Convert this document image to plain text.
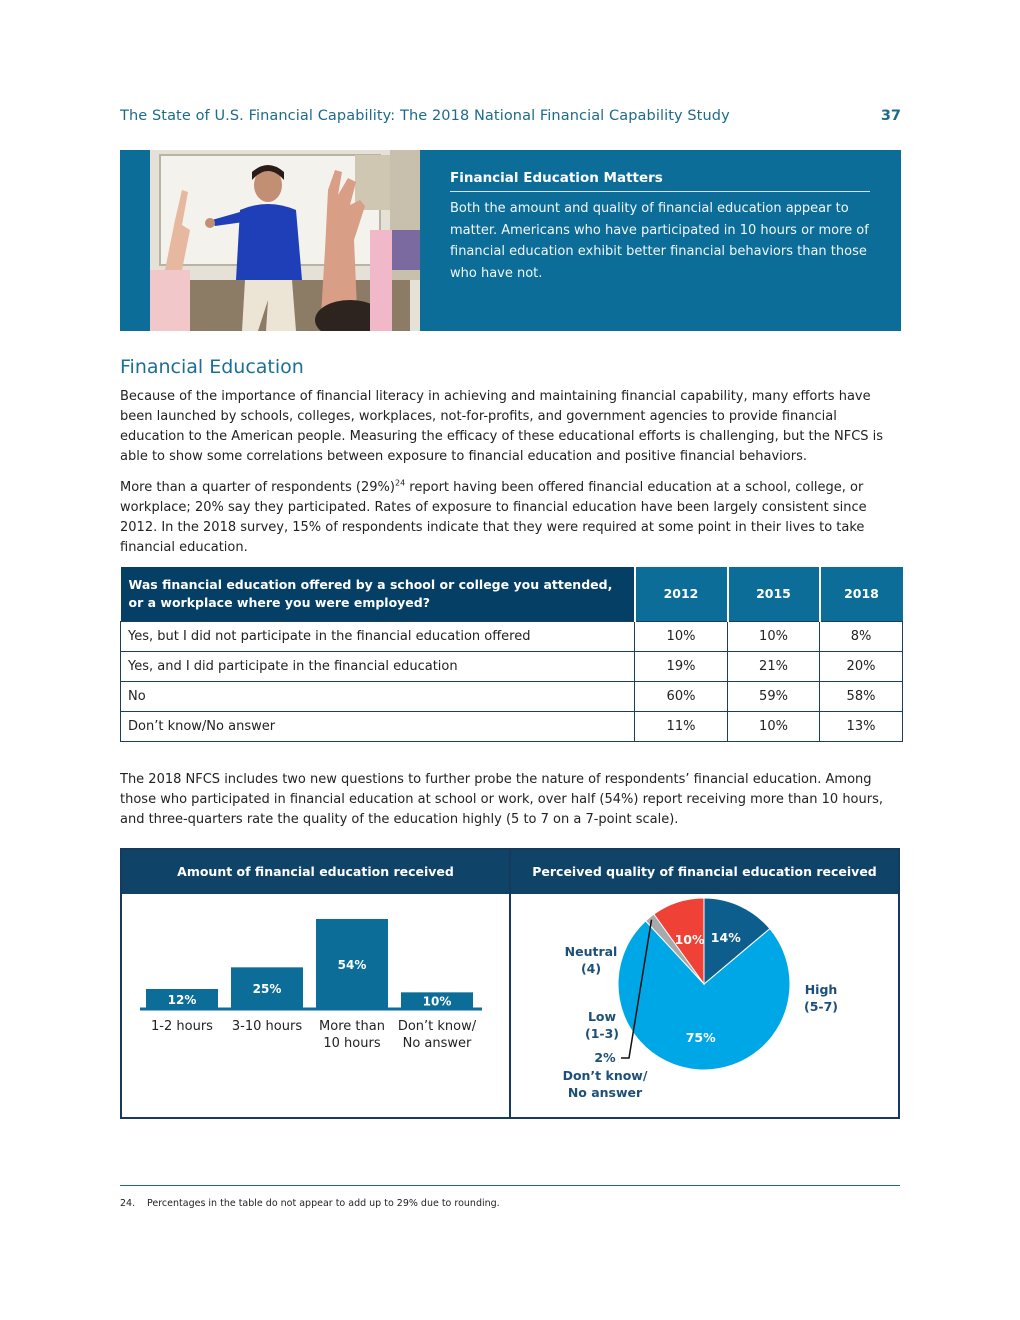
The State of U.S. Financial Capability: The 2018 National Financial Capability Study	37
Financial Education Matters
Both the amount and quality of financial education appear to matter. Americans who have participated in 10 hours or more of financial education exhibit better financial behaviors than those who have not.
Financial Education
Because of the importance of financial literacy in achieving and maintaining financial capability, many efforts have been launched by schools, colleges, workplaces, not-for-profits, and government agencies to provide financial education to the American people. Measuring the efficacy of these educational efforts is challenging, but the NFCS is able to show some correlations between exposure to financial education and positive financial behaviors.
More than a quarter of respondents $(29\%)^{24}$ report having been offered financial education at a school, college, or workplace; 20% say they participated. Rates of exposure to financial education have been largely consistent since 2012. In the 2018 survey, 15% of respondents indicate that they were required at some point in their lives to take financial education.
Was financial education offered by a school or college you attended, or a workplace where you were employed?	2012	2015	2018
Yes, but I did not participate in the financial education offered	10%	10%	8%
Yes, and I did participate in the financial education	19%	21%	20%
No	60%	59%	58%
Don’t know/No answer	11%	10%	13%
The 2018 NFCS includes two new questions to further probe the nature of respondents’ financial education. Among those who participated in financial education at school or work, over half (54%) report receiving more than 10 hours, and three-quarters rate the quality of the education highly (5 to 7 on a 7-point scale).
Amount of financial education received
12%
1-2 hours
25%
3-10 hours
54%
More than
10 hours
10%
Don’t know/
No answer
Perceived quality of financial education received
75%
10% 14%
High
(5-7)
Neutral
(4)
Low
(1-3)
2%
Don’t know/
No answer
24. Percentages in the table do not appear to add up to 29% due to rounding.
